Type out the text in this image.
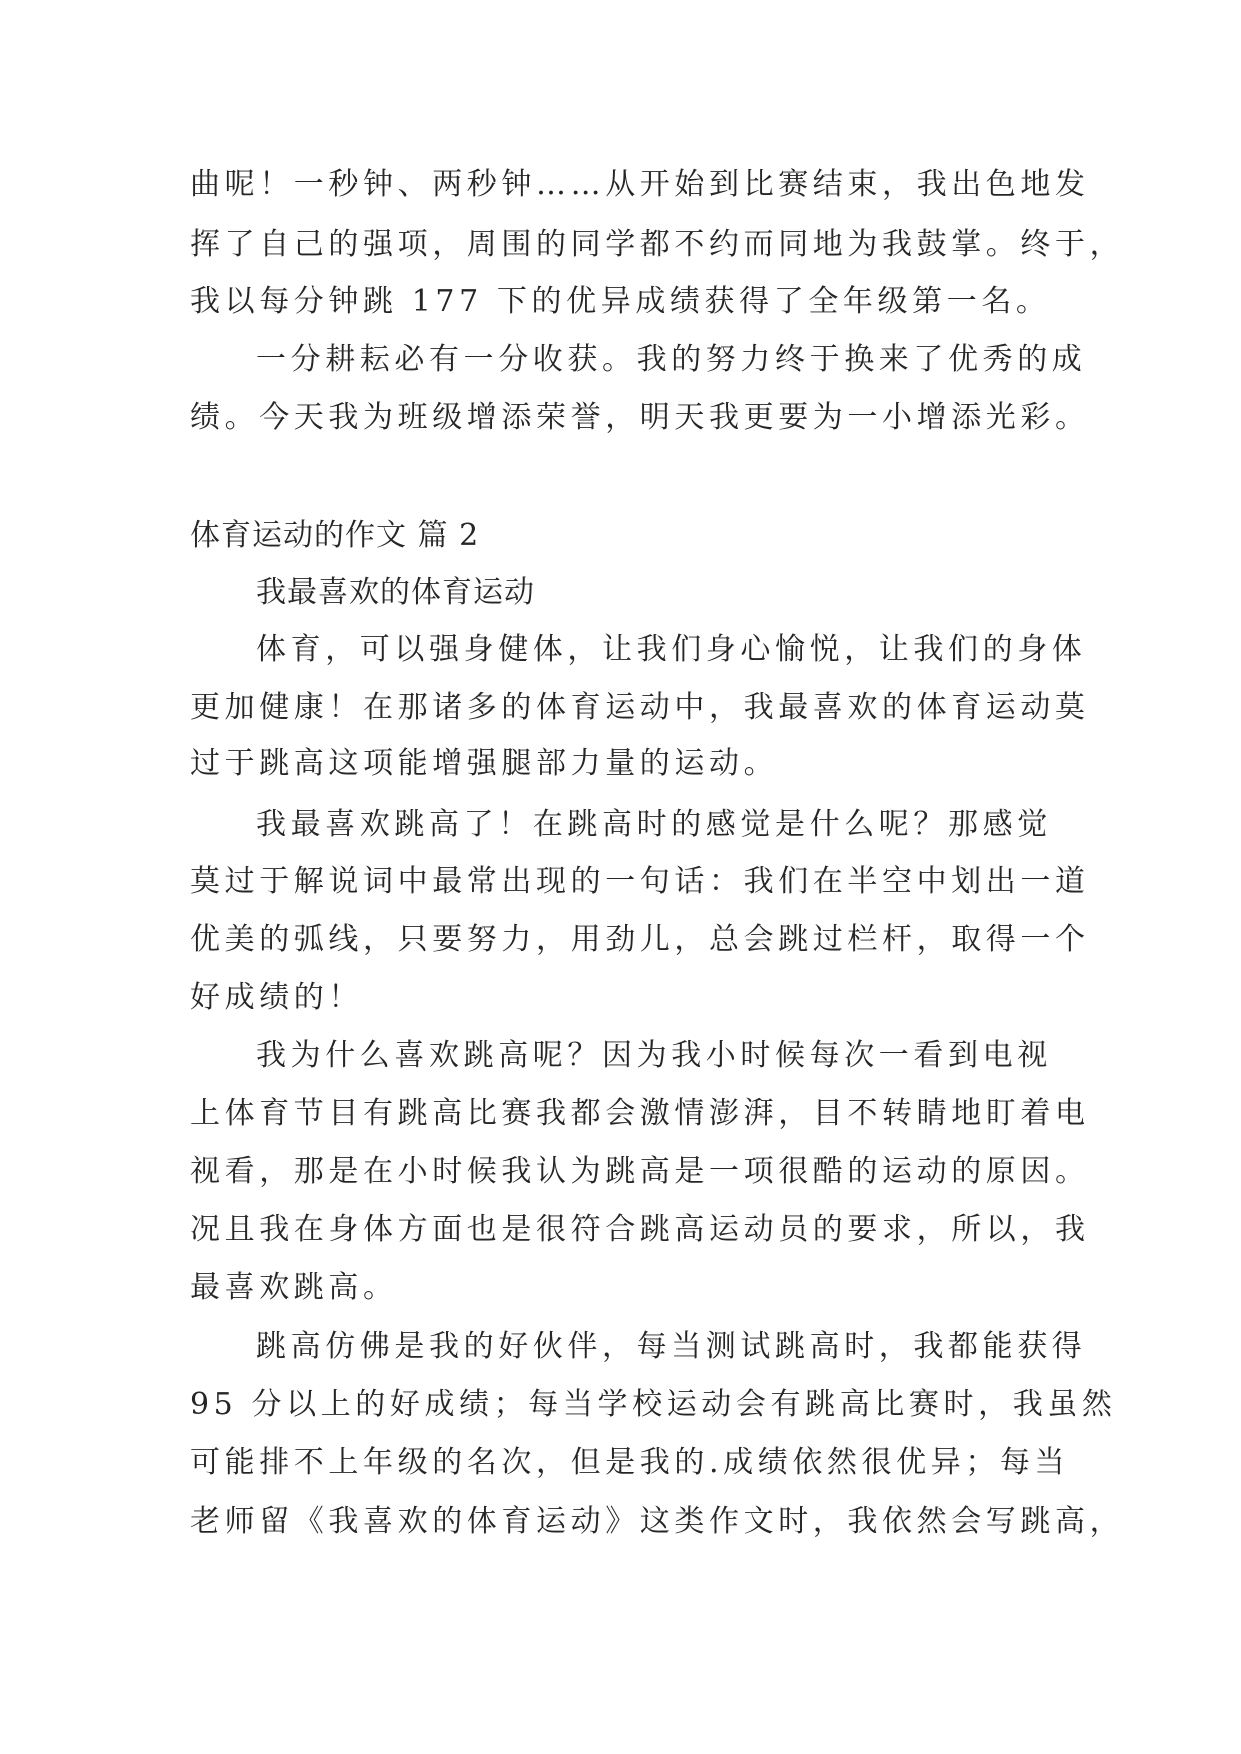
曲呢！一秒钟、两秒钟……从开始到比赛结束，我出色地发
挥了自己的强项，周围的同学都不约而同地为我鼓掌。终于，
我以每分钟跳 177 下的优异成绩获得了全年级第一名。
一分耕耘必有一分收获。我的努力终于换来了优秀的成
绩。今天我为班级增添荣誉，明天我更要为一小增添光彩。
体育运动的作文 篇 2
我最喜欢的体育运动
体育，可以强身健体，让我们身心愉悦，让我们的身体
更加健康！在那诸多的体育运动中，我最喜欢的体育运动莫
过于跳高这项能增强腿部力量的运动。
我最喜欢跳高了！在跳高时的感觉是什么呢？那感觉
莫过于解说词中最常出现的一句话：我们在半空中划出一道
优美的弧线，只要努力，用劲儿，总会跳过栏杆，取得一个
好成绩的！
我为什么喜欢跳高呢？因为我小时候每次一看到电视
上体育节目有跳高比赛我都会激情澎湃，目不转睛地盯着电
视看，那是在小时候我认为跳高是一项很酷的运动的原因。
况且我在身体方面也是很符合跳高运动员的要求，所以，我
最喜欢跳高。
跳高仿佛是我的好伙伴，每当测试跳高时，我都能获得
95 分以上的好成绩；每当学校运动会有跳高比赛时，我虽然
可能排不上年级的名次，但是我的.成绩依然很优异；每当
老师留《我喜欢的体育运动》这类作文时，我依然会写跳高，
